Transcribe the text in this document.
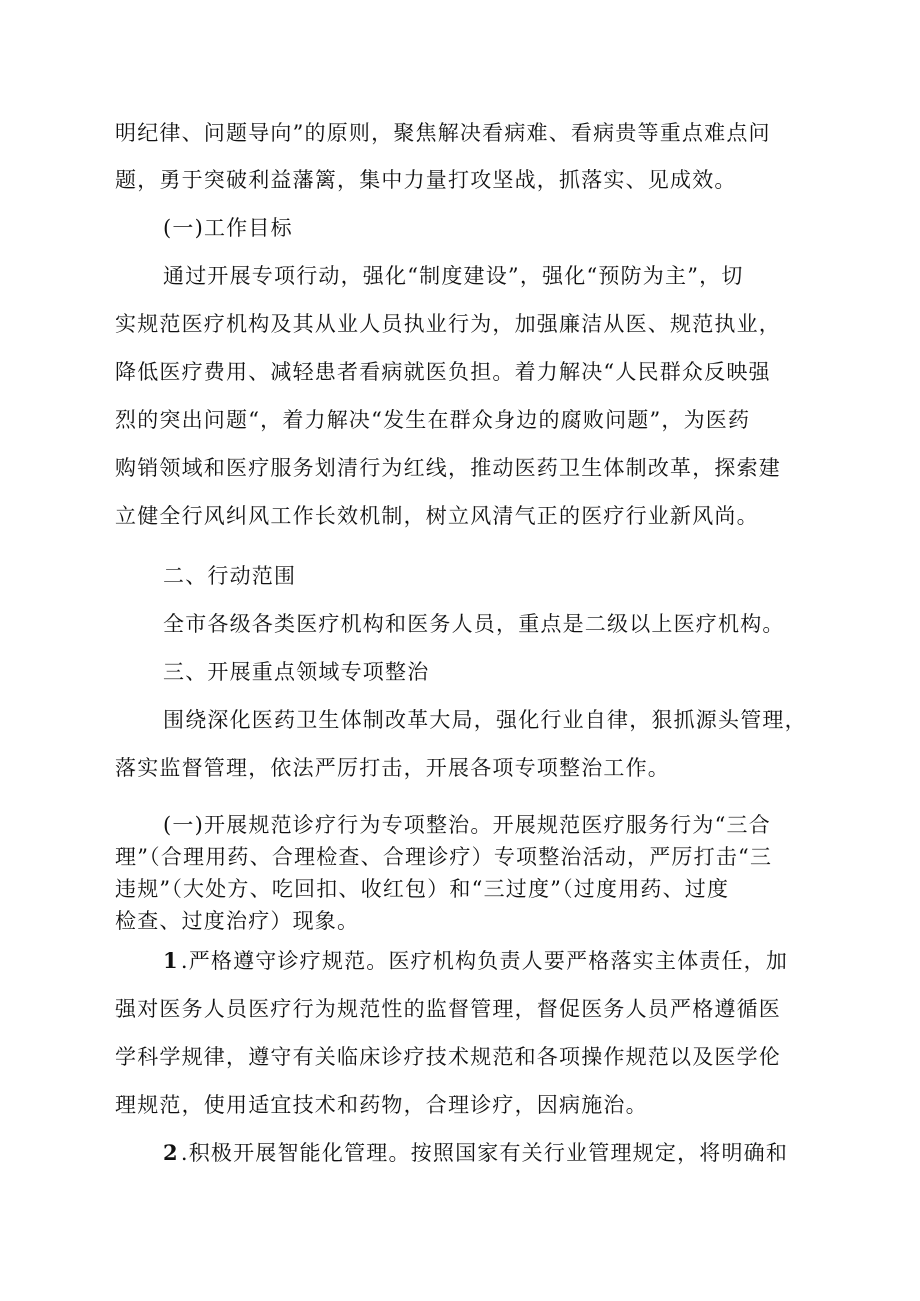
明纪律、问题导向”的原则，聚焦解决看病难、看病贵等重点难点问
题，勇于突破利益藩篱，集中力量打攻坚战，抓落实、见成效。
(一)工作目标
通过开展专项行动，强化“制度建设”，强化“预防为主”，切
实规范医疗机构及其从业人员执业行为，加强廉洁从医、规范执业，
降低医疗费用、减轻患者看病就医负担。着力解决“人民群众反映强
烈的突出问题“，着力解决“发生在群众身边的腐败问题”，为医药
购销领域和医疗服务划清行为红线，推动医药卫生体制改革，探索建
立健全行风纠风工作长效机制，树立风清气正的医疗行业新风尚。
二、行动范围
全市各级各类医疗机构和医务人员，重点是二级以上医疗机构。
三、开展重点领域专项整治
围绕深化医药卫生体制改革大局，强化行业自律，狠抓源头管理，
落实监督管理，依法严厉打击，开展各项专项整治工作。
(一)开展规范诊疗行为专项整治。开展规范医疗服务行为“三合
理”（合理用药、合理检查、合理诊疗）专项整治活动，严厉打击“三
违规”（大处方、吃回扣、收红包）和“三过度”（过度用药、过度
检查、过度治疗）现象。
1.严格遵守诊疗规范。医疗机构负责人要严格落实主体责任，加
强对医务人员医疗行为规范性的监督管理，督促医务人员严格遵循医
学科学规律，遵守有关临床诊疗技术规范和各项操作规范以及医学伦
理规范，使用适宜技术和药物，合理诊疗，因病施治。
2.积极开展智能化管理。按照国家有关行业管理规定，将明确和
